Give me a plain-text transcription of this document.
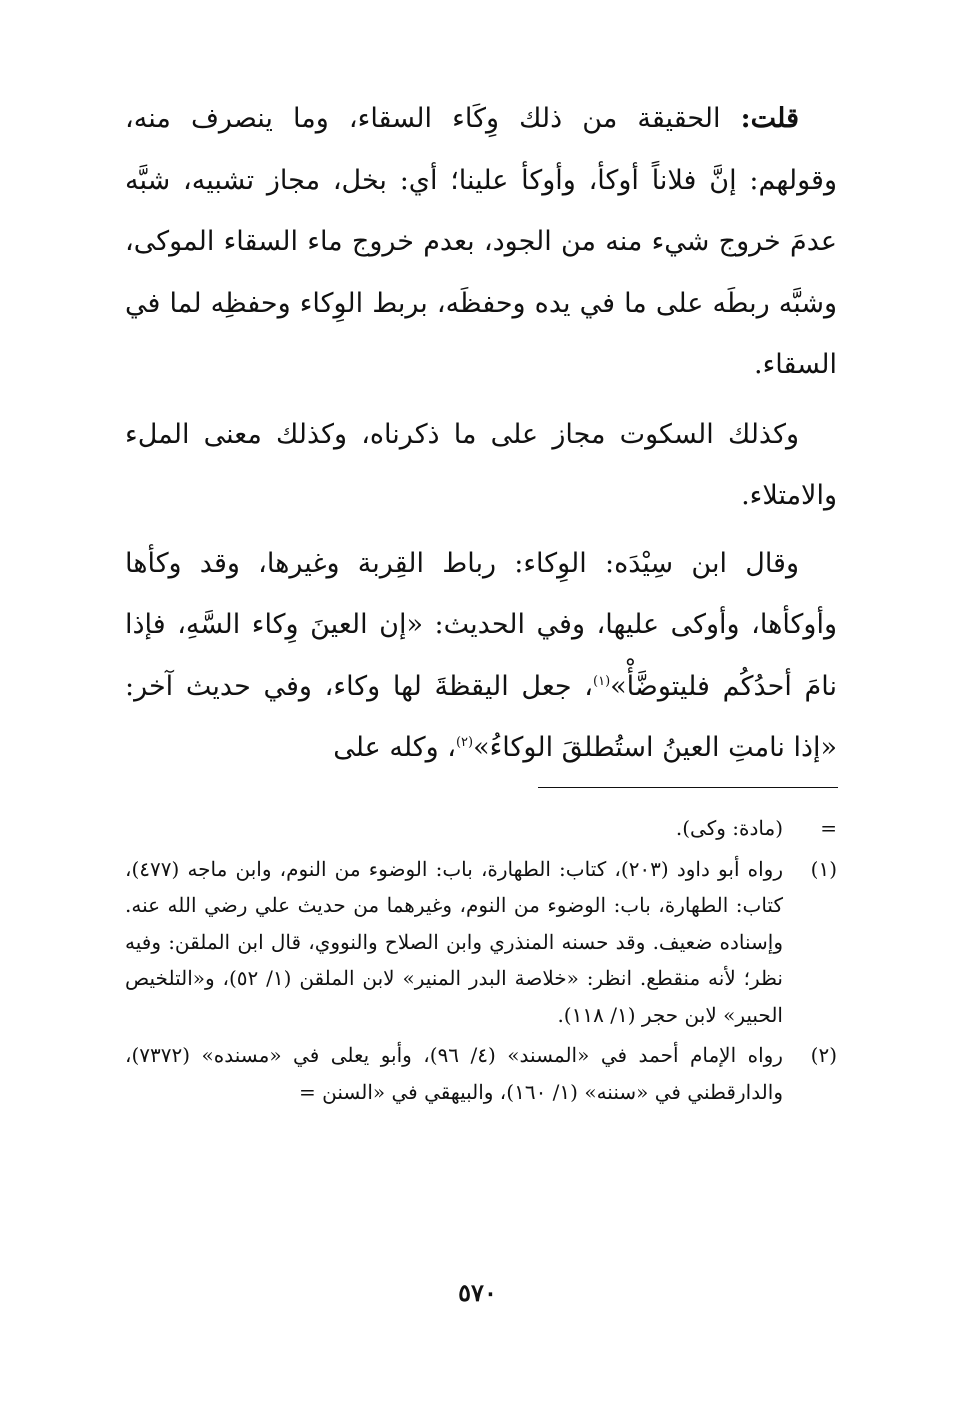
قلت: الحقيقة من ذلك وِكَاء السقاء، وما ينصرف منه، وقولهم: إنَّ فلاناً أوكأ، وأوكأ علينا؛ أي: بخل، مجاز تشبيه، شبَّه عدمَ خروج شيء منه من الجود، بعدم خروج ماء السقاء الموكى، وشبَّه ربطَه على ما في يده وحفظَه، بربط الوِكاء وحفظِه لما في السقاء.

وكذلك السكوت مجاز على ما ذكرناه، وكذلك معنى الملء والامتلاء.

وقال ابن سِيْدَه: الوِكاء: رباط القِربة وغيرها، وقد وكأها وأوكأها، وأوكى عليها، وفي الحديث: «إن العينَ وِكاء السَّهِ، فإذا نامَ أحدُكُم فليتوضَّأْ»$^{(١)}$، جعل اليقظةَ لها وكاء، وفي حديث آخر: «إذا نامتِ العينُ استُطلقَ الوكاءُ»$^{(٢)}$، وكله على

=
(مادة: وكى).
(١)
رواه أبو داود (٢٠٣)، كتاب: الطهارة، باب: الوضوء من النوم، وابن ماجه (٤٧٧)، كتاب: الطهارة، باب: الوضوء من النوم، وغيرهما من حديث علي رضي الله عنه. وإسناده ضعيف. وقد حسنه المنذري وابن الصلاح والنووي، قال ابن الملقن: وفيه نظر؛ لأنه منقطع. انظر: «خلاصة البدر المنير» لابن الملقن (١/ ٥٢)، و«التلخيص الحبير» لابن حجر (١/ ١١٨).
(٢)
رواه الإمام أحمد في «المسند» (٤/ ٩٦)، وأبو يعلى في «مسنده» (٧٣٧٢)، والدارقطني في «سننه» (١/ ١٦٠)، والبيهقي في «السنن =
٥٧٠
